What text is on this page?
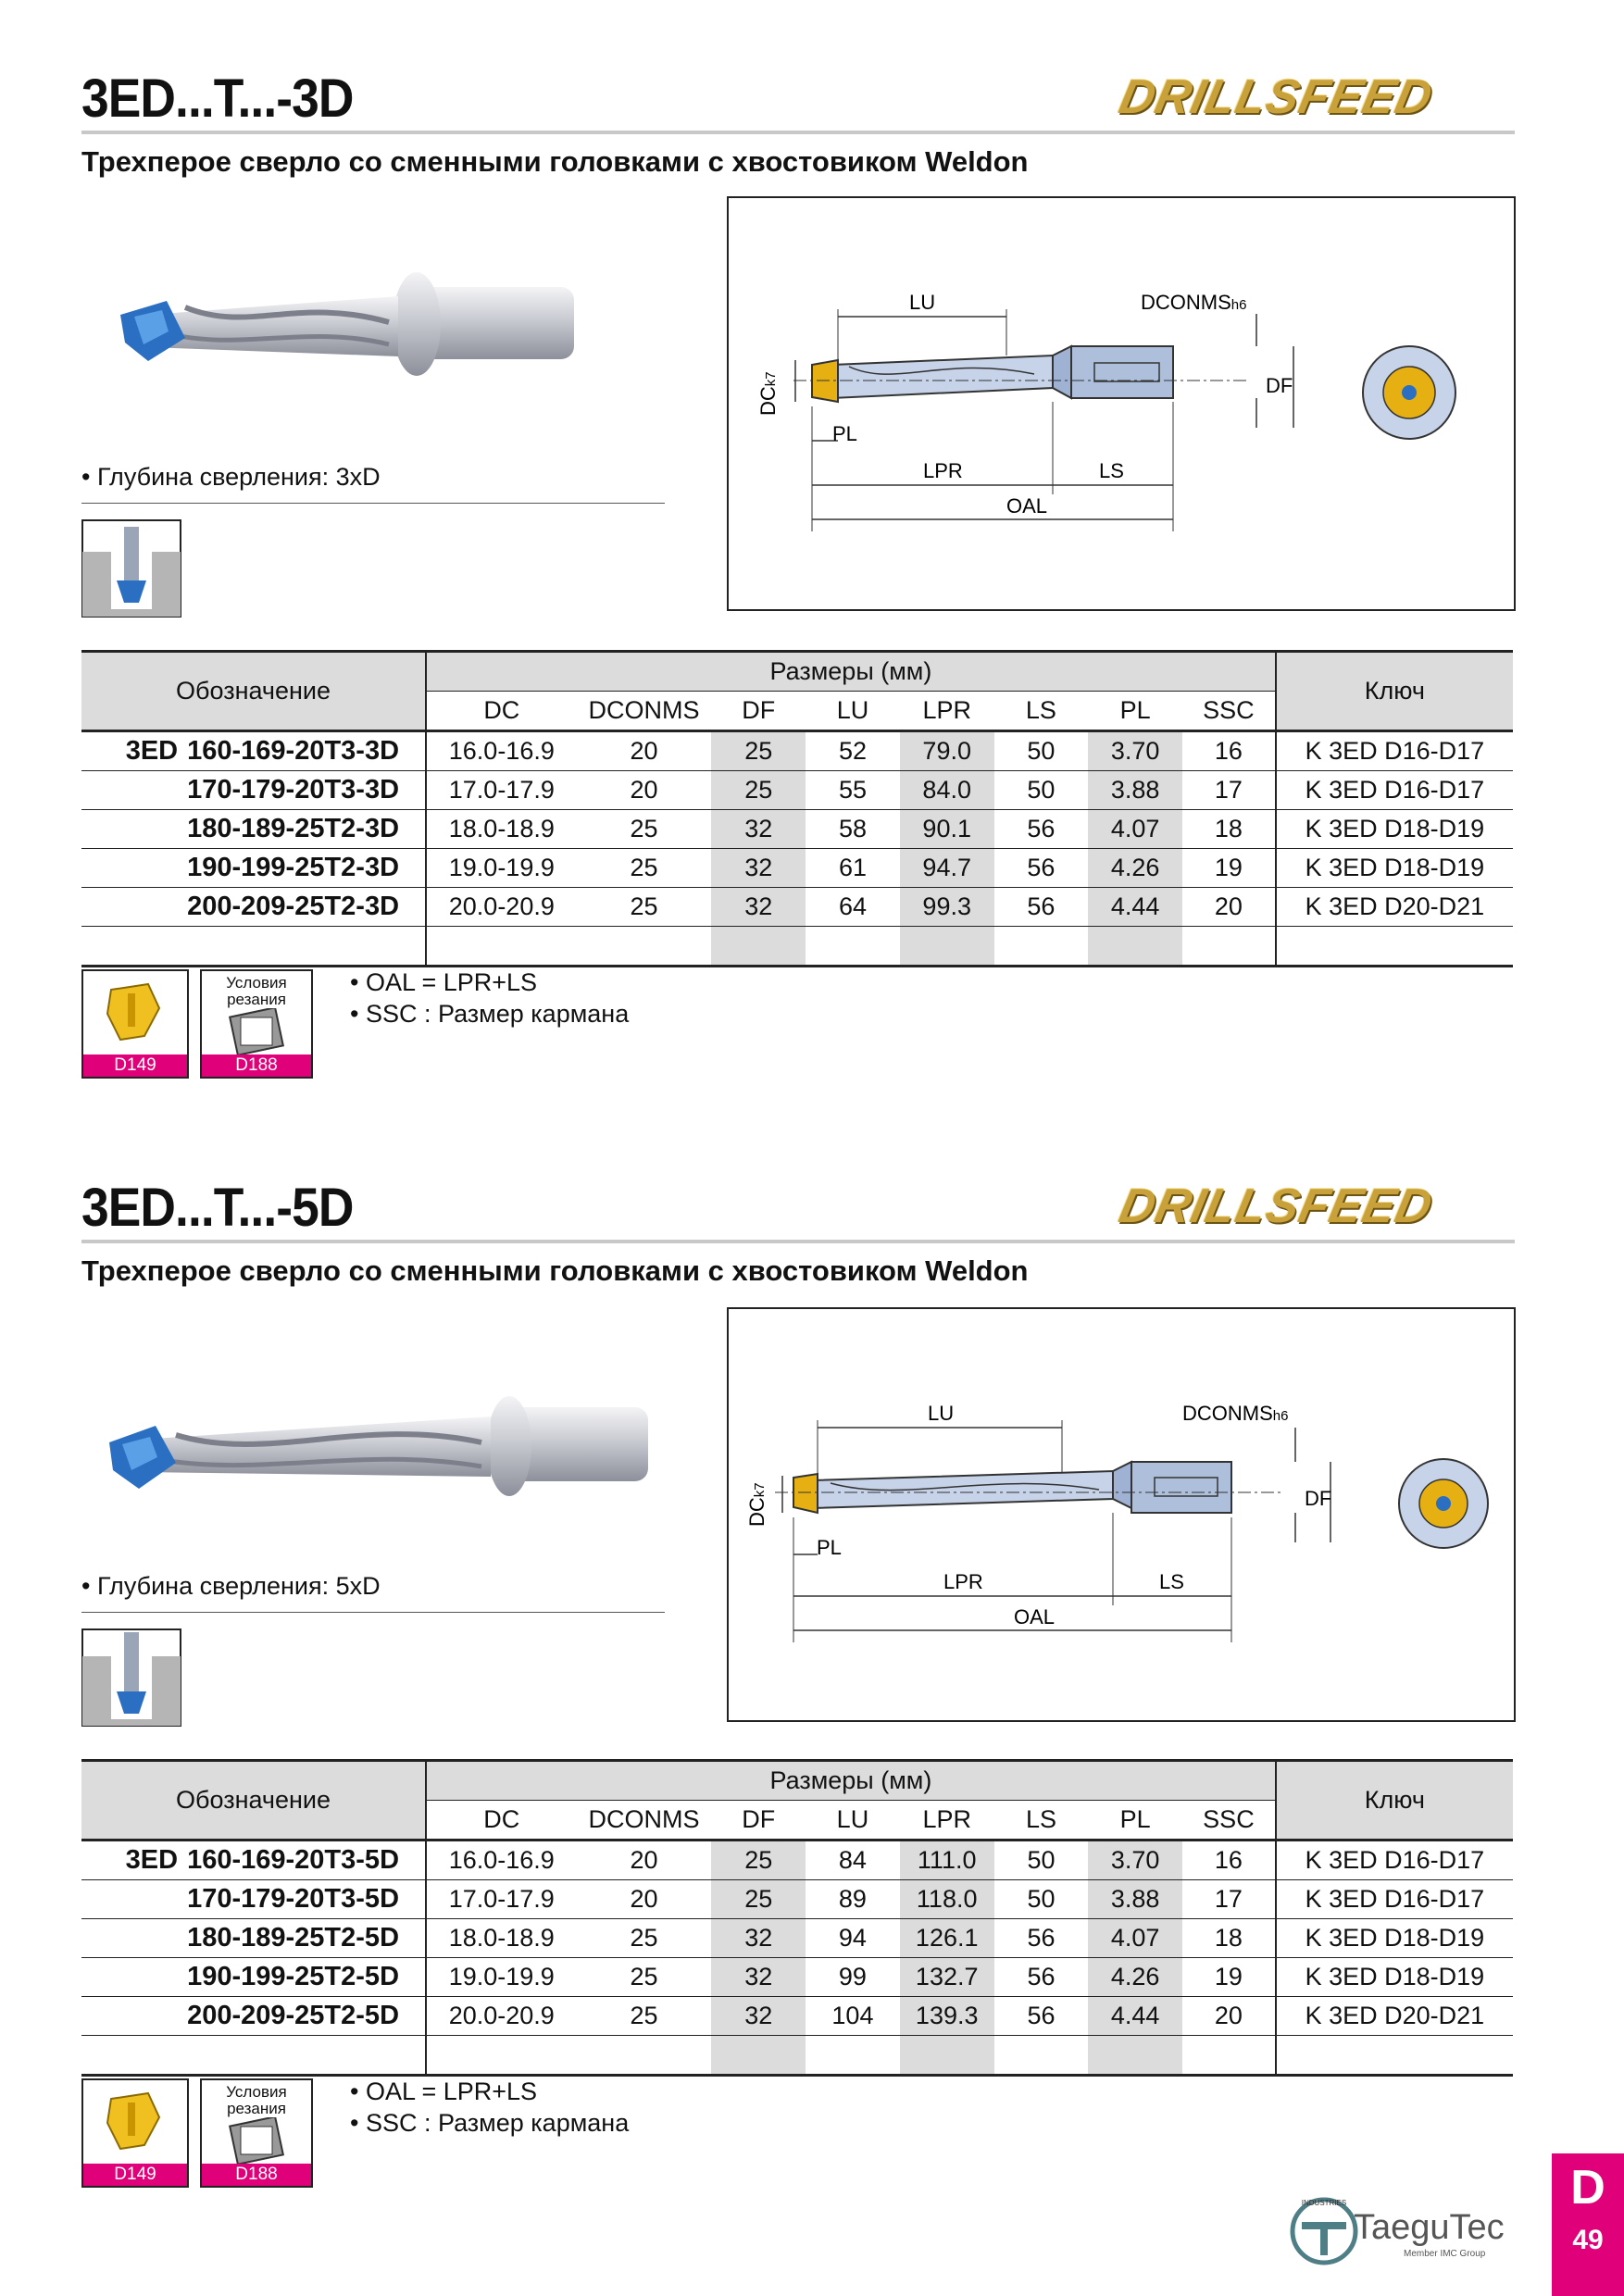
3ED...T...-3D	DRILLSFEED
Трехперое сверло со сменными головками с хвостовиком Weldon
• Глубина сверления: 3xD
LU	DCONMSh6
DF
DCk7
PL
LPR	LS
OAL
Обозначение	Размеры (мм)								Ключ
	DC	DCONMS	DF	LU	LPR	LS	PL	SSC	
3ED 160-169-20T3-3D	16.0-16.9	20	25	52	79.0	50	3.70	16	K 3ED D16-D17
170-179-20T3-3D	17.0-17.9	20	25	55	84.0	50	3.88	17	K 3ED D16-D17
180-189-25T2-3D	18.0-18.9	25	32	58	90.1	56	4.07	18	K 3ED D18-D19
190-199-25T2-3D	19.0-19.9	25	32	61	94.7	56	4.26	19	K 3ED D18-D19
200-209-25T2-3D	20.0-20.9	25	32	64	99.3	56	4.44	20	K 3ED D20-D21

D149
Условия
резания
D188
• OAL = LPR+LS
• SSC : Размер кармана
3ED...T...-5D	DRILLSFEED
Трехперое сверло со сменными головками с хвостовиком Weldon
• Глубина сверления: 5xD
LU	DCONMSh6
DF
DCk7
PL
LPR	LS
OAL
Обозначение	Размеры (мм)								Ключ
	DC	DCONMS	DF	LU	LPR	LS	PL	SSC	
3ED 160-169-20T3-5D	16.0-16.9	20	25	84	111.0	50	3.70	16	K 3ED D16-D17
170-179-20T3-5D	17.0-17.9	20	25	89	118.0	50	3.88	17	K 3ED D16-D17
180-189-25T2-5D	18.0-18.9	25	32	94	126.1	56	4.07	18	K 3ED D18-D19
190-199-25T2-5D	19.0-19.9	25	32	99	132.7	56	4.26	19	K 3ED D18-D19
200-209-25T2-5D	20.0-20.9	25	32	104	139.3	56	4.44	20	K 3ED D20-D21

D149
Условия
резания
D188
• OAL = LPR+LS
• SSC : Размер кармана
D
49
INDUSTRIES
TaeguTec
Member IMC Group
